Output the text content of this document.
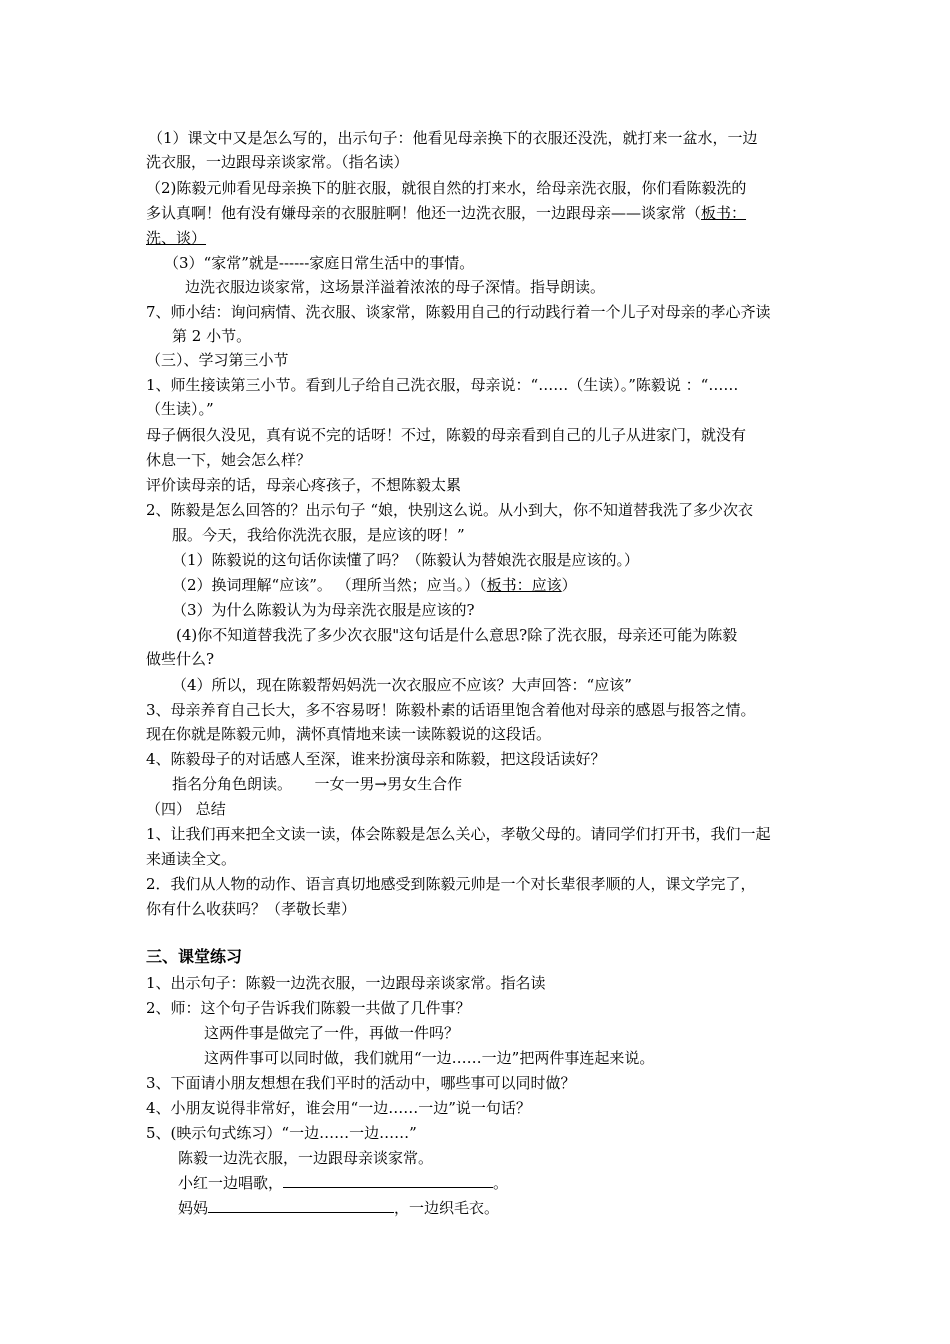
（1）课文中又是怎么写的，出示句子：他看见母亲换下的衣服还没洗，就打来一盆水，一边
洗衣服，一边跟母亲谈家常。（指名读）
（2)陈毅元帅看见母亲换下的脏衣服，就很自然的打来水，给母亲洗衣服，你们看陈毅洗的
多认真啊！他有没有嫌母亲的衣服脏啊！他还一边洗衣服，一边跟母亲——谈家常（板书：
洗、谈）
（3）“家常”就是------家庭日常生活中的事情。
边洗衣服边谈家常，这场景洋溢着浓浓的母子深情。指导朗读。
7、师小结：询问病情、洗衣服、谈家常，陈毅用自己的行动践行着一个儿子对母亲的孝心齐读
第 2 小节。
（三）、学习第三小节
1、师生接读第三小节。看到儿子给自己洗衣服，母亲说：“……（生读）。”陈毅说 ：“……
（生读）。”
母子俩很久没见，真有说不完的话呀！不过，陈毅的母亲看到自己的儿子从进家门，就没有
休息一下，她会怎么样？
评价读母亲的话，母亲心疼孩子，不想陈毅太累
2、陈毅是怎么回答的？出示句子 “娘，快别这么说。从小到大，你不知道替我洗了多少次衣
服。今天，我给你洗洗衣服，是应该的呀！”
（1）陈毅说的这句话你读懂了吗？（陈毅认为替娘洗衣服是应该的。）
（2）换词理解“应该”。 （理所当然；应当。）（板书：应该）
（3）为什么陈毅认为为母亲洗衣服是应该的?
(4)你不知道替我洗了多少次衣服"这句话是什么意思?除了洗衣服，母亲还可能为陈毅
做些什么?
（4）所以，现在陈毅帮妈妈洗一次衣服应不应该？大声回答：“应该”
3、母亲养育自己长大，多不容易呀！陈毅朴素的话语里饱含着他对母亲的感恩与报答之情。
现在你就是陈毅元帅，满怀真情地来读一读陈毅说的这段话。
4、陈毅母子的对话感人至深，谁来扮演母亲和陈毅，把这段话读好？
指名分角色朗读。　　一女一男→男女生合作
（四） 总结
1、让我们再来把全文读一读，体会陈毅是怎么关心，孝敬父母的。请同学们打开书，我们一起
来通读全文。
2．我们从人物的动作、语言真切地感受到陈毅元帅是一个对长辈很孝顺的人，课文学完了，
你有什么收获吗？（孝敬长辈）
三、课堂练习
1、出示句子：陈毅一边洗衣服，一边跟母亲谈家常。指名读
2、师：这个句子告诉我们陈毅一共做了几件事？
这两件事是做完了一件，再做一件吗？
这两件事可以同时做，我们就用“一边……一边”把两件事连起来说。
3、下面请小朋友想想在我们平时的活动中，哪些事可以同时做？
4、小朋友说得非常好，谁会用“一边……一边”说一句话？
5、(映示句式练习）“一边……一边……”
陈毅一边洗衣服，一边跟母亲谈家常。
小红一边唱歌，	。
妈妈	，一边织毛衣。
